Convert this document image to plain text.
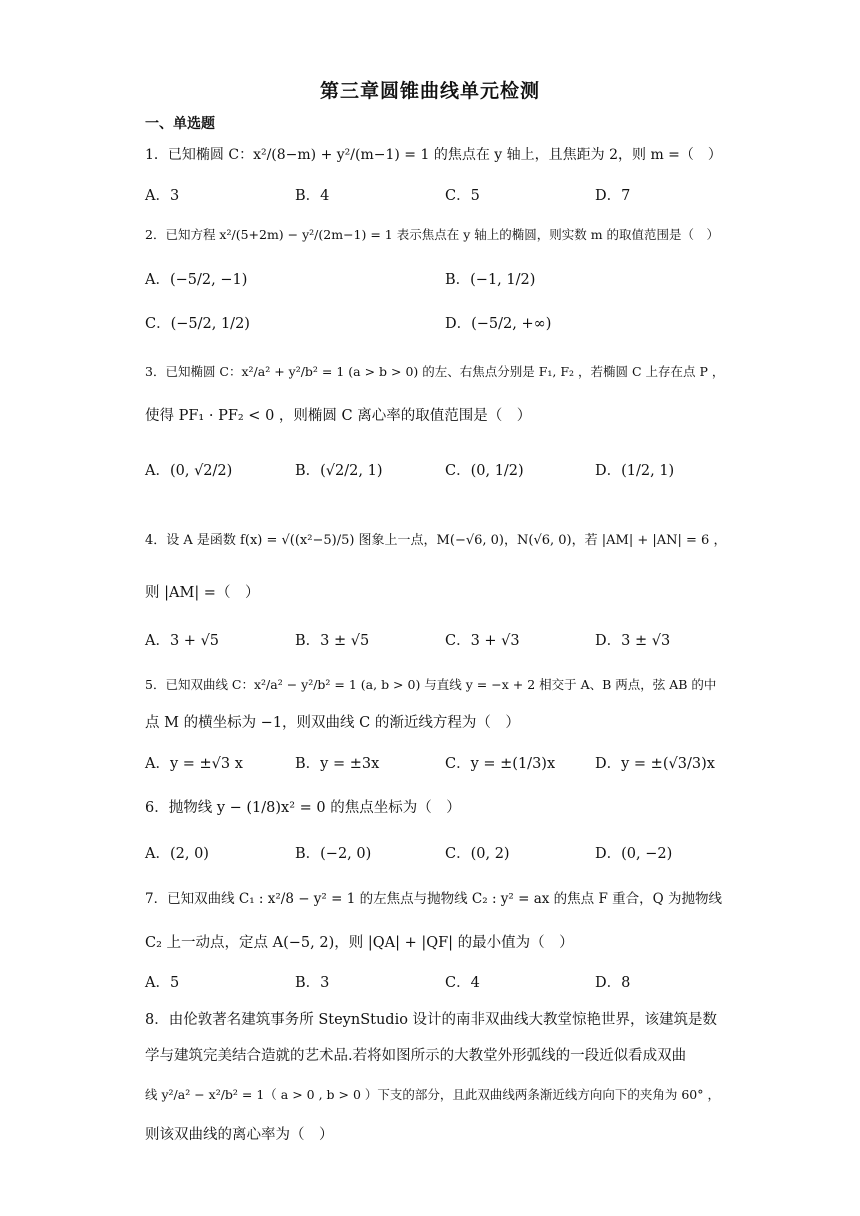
第三章圆锥曲线单元检测
一、单选题
1．已知椭圆 C：x²/(8−m) + y²/(m−1) = 1 的焦点在 y 轴上，且焦距为 2，则 m =（　）
A．3	B．4	C．5	D．7
2．已知方程 x²/(5+2m) − y²/(2m−1) = 1 表示焦点在 y 轴上的椭圆，则实数 m 的取值范围是（　）
A．(−5/2, −1)	B．(−1, 1/2)
C．(−5/2, 1/2)	D．(−5/2, +∞)
3．已知椭圆 C：x²/a² + y²/b² = 1 (a > b > 0) 的左、右焦点分别是 F₁, F₂ ，若椭圆 C 上存在点 P ，
使得 PF₁ · PF₂ < 0 ，则椭圆 C 离心率的取值范围是（　）
A．(0, √2/2)	B．(√2/2, 1)	C．(0, 1/2)	D．(1/2, 1)
4．设 A 是函数 f(x) = √((x²−5)/5) 图象上一点，M(−√6, 0)，N(√6, 0)，若 |AM| + |AN| = 6 ，
则 |AM| =（　）
A．3 + √5	B．3 ± √5	C．3 + √3	D．3 ± √3
5．已知双曲线 C：x²/a² − y²/b² = 1 (a, b > 0) 与直线 y = −x + 2 相交于 A、B 两点，弦 AB 的中
点 M 的横坐标为 −1，则双曲线 C 的渐近线方程为（　）
A．y = ±√3 x	B．y = ±3x	C．y = ±(1/3)x	D．y = ±(√3/3)x
6．抛物线 y − (1/8)x² = 0 的焦点坐标为（　）
A．(2, 0)	B．(−2, 0)	C．(0, 2)	D．(0, −2)
7．已知双曲线 C₁ : x²/8 − y² = 1 的左焦点与抛物线 C₂ : y² = ax 的焦点 F 重合，Q 为抛物线
C₂ 上一动点，定点 A(−5, 2)，则 |QA| + |QF| 的最小值为（　）
A．5	B．3	C．4	D．8
8．由伦敦著名建筑事务所 SteynStudio 设计的南非双曲线大教堂惊艳世界，该建筑是数
学与建筑完美结合造就的艺术品.若将如图所示的大教堂外形弧线的一段近似看成双曲
线 y²/a² − x²/b² = 1（ a > 0 , b > 0 ）下支的部分，且此双曲线两条渐近线方向向下的夹角为 60° ，
则该双曲线的离心率为（　）
